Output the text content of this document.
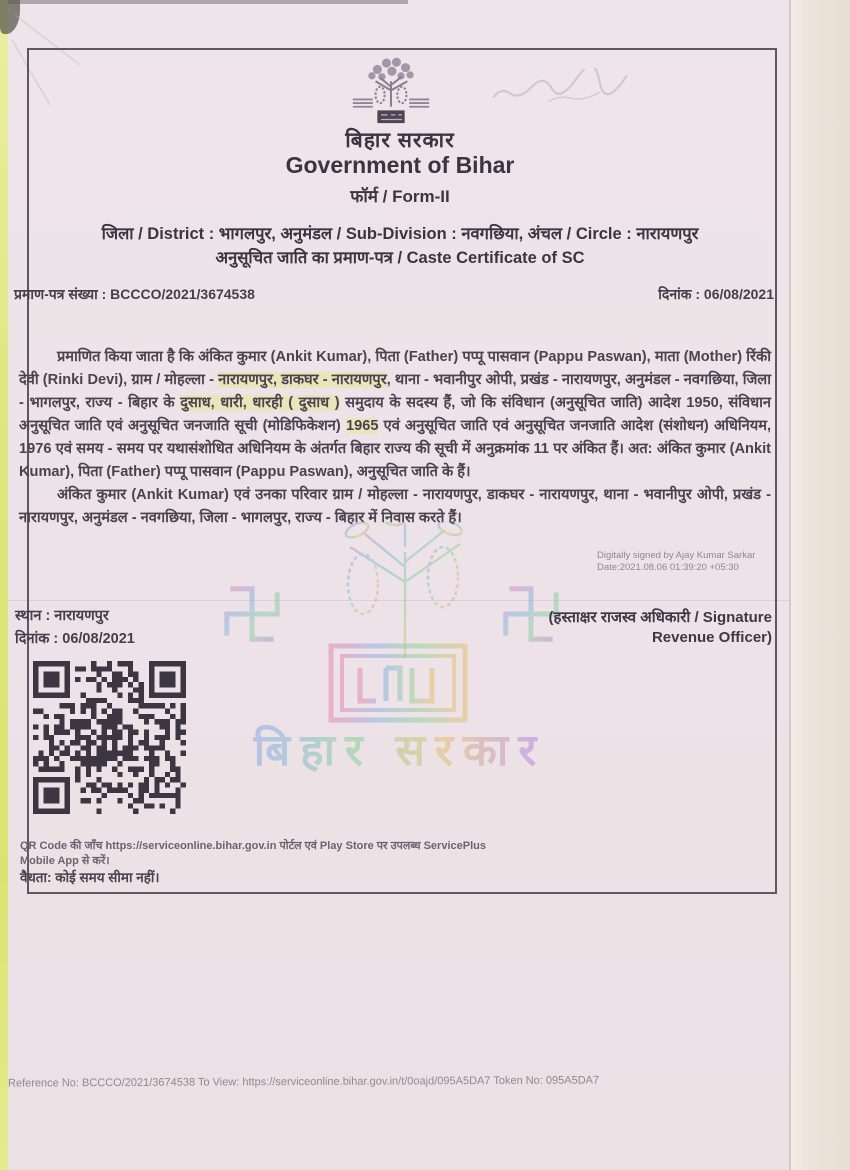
बिहार सरकार
Government of Bihar
फॉर्म / Form-II
जिला / District : भागलपुर, अनुमंडल / Sub-Division : नवगछिया, अंचल / Circle : नारायणपुर
अनुसूचित जाति का प्रमाण-पत्र / Caste Certificate of SC
प्रमाण-पत्र संख्या : BCCCO/2021/3674538	दिनांक : 06/08/2021
बिहार सरकार

प्रमाणित किया जाता है कि अंकित कुमार (Ankit Kumar), पिता (Father) पप्पू पासवान (Pappu Paswan), माता (Mother) रिंकी देवी (Rinki Devi), ग्राम / मोहल्ला - नारायणपुर, डाकघर - नारायणपुर, थाना - भवानीपुर ओपी, प्रखंड - नारायणपुर, अनुमंडल - नवगछिया, जिला - भागलपुर, राज्य - बिहार के दुसाध, धारी, धारही ( दुसाध ) समुदाय के सदस्य हैं, जो कि संविधान (अनुसूचित जाति) आदेश 1950, संविधान अनुसूचित जाति एवं अनुसूचित जनजाति सूची (मोडिफिकेशन) 1965 एवं अनुसूचित जाति एवं अनुसूचित जनजाति आदेश (संशोधन) अधिनियम, 1976 एवं समय - समय पर यथासंशोधित अधिनियम के अंतर्गत बिहार राज्य की सूची में अनुक्रमांक 11 पर अंकित हैं। अत: अंकित कुमार (Ankit Kumar), पिता (Father) पप्पू पासवान (Pappu Paswan), अनुसूचित जाति के हैं।

अंकित कुमार (Ankit Kumar) एवं उनका परिवार ग्राम / मोहल्ला - नारायणपुर, डाकघर - नारायणपुर, थाना - भवानीपुर ओपी, प्रखंड - नारायणपुर, अनुमंडल - नवगछिया, जिला - भागलपुर, राज्य - बिहार में निवास करते हैं।

Digitally signed by Ajay Kumar Sarkar
Date:2021.08.06 01:39:20 +05:30
स्थान : नारायणपुर
दिनांक : 06/08/2021
(हस्ताक्षर राजस्व अधिकारी / Signature
Revenue Officer)
QR Code की जाँच https://serviceonline.bihar.gov.in पोर्टल एवं Play Store पर उपलब्ध ServicePlus
Mobile App से करें।
वैधता: कोई समय सीमा नहीं।
Reference No: BCCCO/2021/3674538 To View: https://serviceonline.bihar.gov.in/t/0oajd/095A5DA7 Token No: 095A5DA7
